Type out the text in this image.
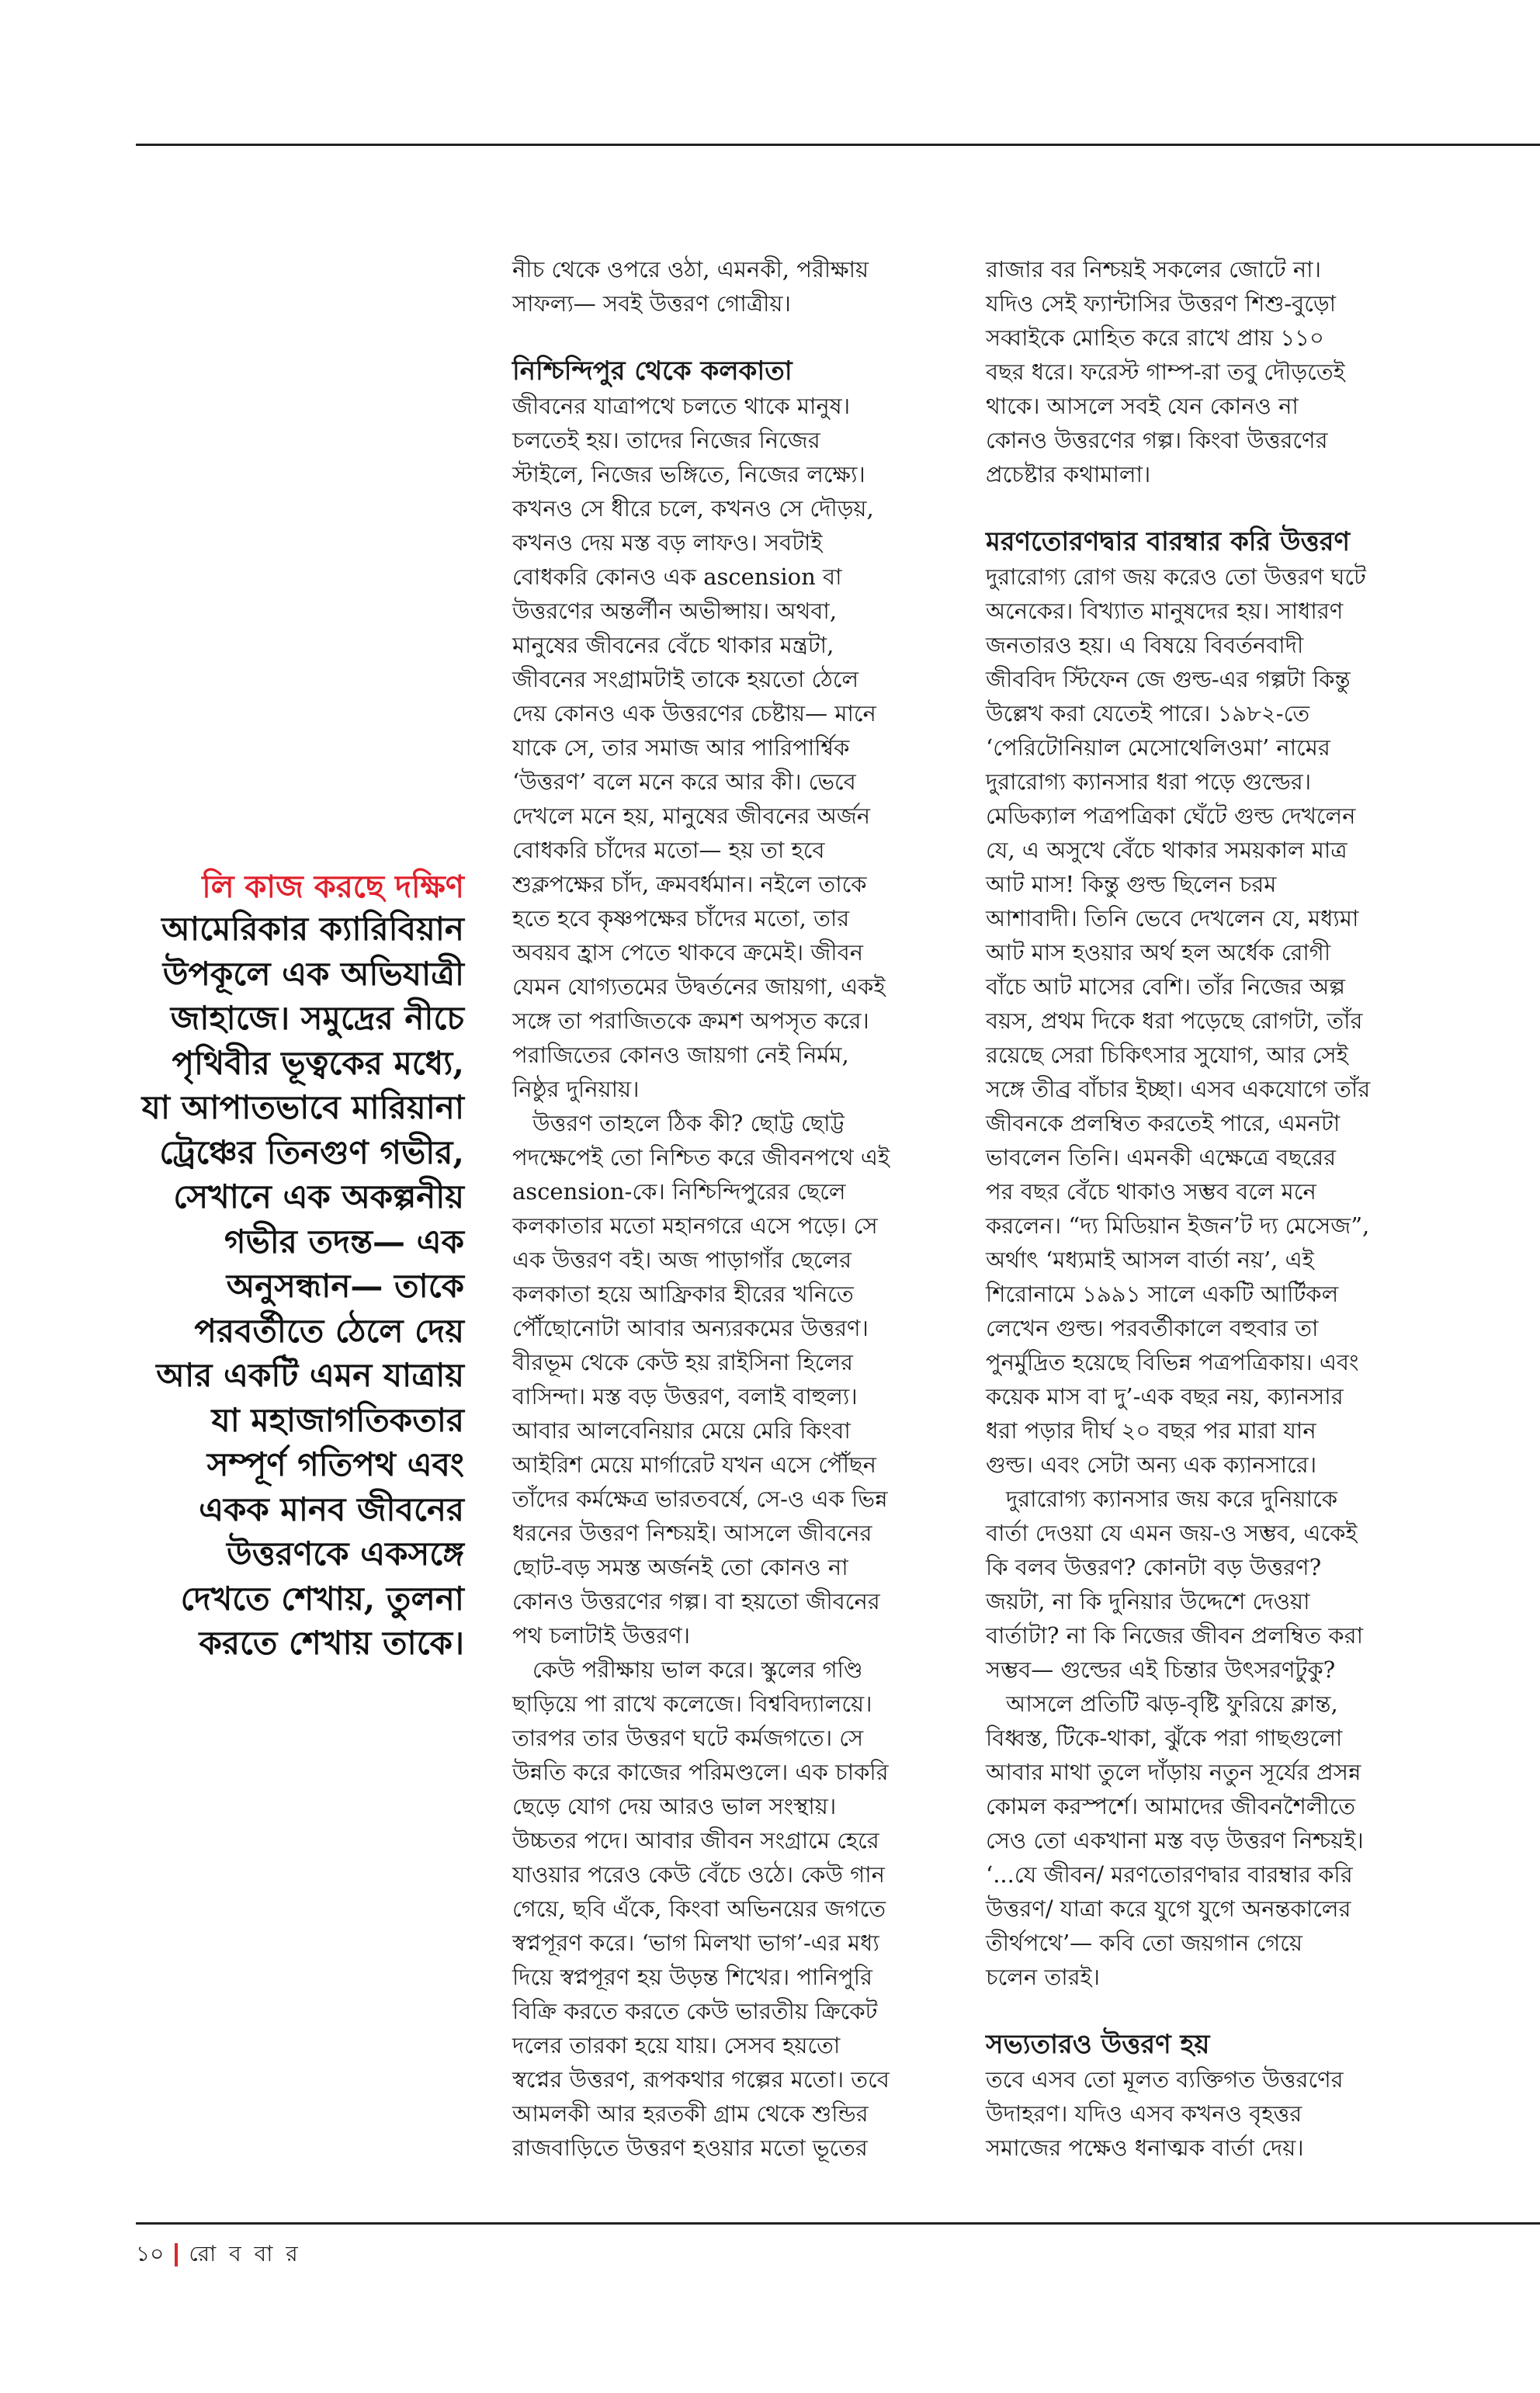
লি কাজ করছে দক্ষিণ
আমেরিকার ক্যারিবিয়ান
উপকূলে এক অভিযাত্রী
জাহাজে। সমুদ্রের নীচে
পৃথিবীর ভূত্বকের মধ্যে,
যা আপাতভাবে মারিয়ানা
ট্রেঞ্চের তিনগুণ গভীর,
সেখানে এক অকল্পনীয়
গভীর তদন্ত— এক
অনুসন্ধান— তাকে
পরবর্তীতে ঠেলে দেয়
আর একটি এমন যাত্রায়
যা মহাজাগতিকতার
সম্পূর্ণ গতিপথ এবং
একক মানব জীবনের
উত্তরণকে একসঙ্গে
দেখতে শেখায়, তুলনা
করতে শেখায় তাকে।
নীচ থেকে ওপরে ওঠা, এমনকী, পরীক্ষায়
সাফল্য— সবই উত্তরণ গোত্রীয়।
নিশ্চিন্দিপুর থেকে কলকাতা
জীবনের যাত্রাপথে চলতে থাকে মানুষ।
চলতেই হয়। তাদের নিজের নিজের
স্টাইলে, নিজের ভঙ্গিতে, নিজের লক্ষ্যে।
কখনও সে ধীরে চলে, কখনও সে দৌড়য়,
কখনও দেয় মস্ত বড় লাফও। সবটাই
বোধকরি কোনও এক ascension বা
উত্তরণের অন্তর্লীন অভীপ্সায়। অথবা,
মানুষের জীবনের বেঁচে থাকার মন্ত্রটা,
জীবনের সংগ্রামটাই তাকে হয়তো ঠেলে
দেয় কোনও এক উত্তরণের চেষ্টায়— মানে
যাকে সে, তার সমাজ আর পারিপার্শ্বিক
‘উত্তরণ’ বলে মনে করে আর কী। ভেবে
দেখলে মনে হয়, মানুষের জীবনের অর্জন
বোধকরি চাঁদের মতো— হয় তা হবে
শুক্লপক্ষের চাঁদ, ক্রমবর্ধমান। নইলে তাকে
হতে হবে কৃষ্ণপক্ষের চাঁদের মতো, তার
অবয়ব হ্রাস পেতে থাকবে ক্রমেই। জীবন
যেমন যোগ্যতমের উদ্বর্তনের জায়গা, একই
সঙ্গে তা পরাজিতকে ক্রমশ অপসৃত করে।
পরাজিতের কোনও জায়গা নেই নির্মম,
নিষ্ঠুর দুনিয়ায়।
উত্তরণ তাহলে ঠিক কী? ছোট্ট ছোট্ট
পদক্ষেপেই তো নিশ্চিত করে জীবনপথে এই
ascension-কে। নিশ্চিন্দিপুরের ছেলে
কলকাতার মতো মহানগরে এসে পড়ে। সে
এক উত্তরণ বই। অজ পাড়াগাঁর ছেলের
কলকাতা হয়ে আফ্রিকার হীরের খনিতে
পৌঁছোনোটা আবার অন্যরকমের উত্তরণ।
বীরভূম থেকে কেউ হয় রাইসিনা হিলের
বাসিন্দা। মস্ত বড় উত্তরণ, বলাই বাহুল্য।
আবার আলবেনিয়ার মেয়ে মেরি কিংবা
আইরিশ মেয়ে মার্গারেট যখন এসে পৌঁছন
তাঁদের কর্মক্ষেত্র ভারতবর্ষে, সে-ও এক ভিন্ন
ধরনের উত্তরণ নিশ্চয়ই। আসলে জীবনের
ছোট-বড় সমস্ত অর্জনই তো কোনও না
কোনও উত্তরণের গল্প। বা হয়তো জীবনের
পথ চলাটাই উত্তরণ।
কেউ পরীক্ষায় ভাল করে। স্কুলের গণ্ডি
ছাড়িয়ে পা রাখে কলেজে। বিশ্ববিদ্যালয়ে।
তারপর তার উত্তরণ ঘটে কর্মজগতে। সে
উন্নতি করে কাজের পরিমণ্ডলে। এক চাকরি
ছেড়ে যোগ দেয় আরও ভাল সংস্থায়।
উচ্চতর পদে। আবার জীবন সংগ্রামে হেরে
যাওয়ার পরেও কেউ বেঁচে ওঠে। কেউ গান
গেয়ে, ছবি এঁকে, কিংবা অভিনয়ের জগতে
স্বপ্নপূরণ করে। ‘ভাগ মিলখা ভাগ’-এর মধ্য
দিয়ে স্বপ্নপূরণ হয় উড়ন্ত শিখের। পানিপুরি
বিক্রি করতে করতে কেউ ভারতীয় ক্রিকেট
দলের তারকা হয়ে যায়। সেসব হয়তো
স্বপ্নের উত্তরণ, রূপকথার গল্পের মতো। তবে
আমলকী আর হরতকী গ্রাম থেকে শুন্ডির
রাজবাড়িতে উত্তরণ হওয়ার মতো ভূতের
রাজার বর নিশ্চয়ই সকলের জোটে না।
যদিও সেই ফ্যান্টাসির উত্তরণ শিশু-বুড়ো
সব্বাইকে মোহিত করে রাখে প্রায় ১১০
বছর ধরে। ফরেস্ট গাম্প-রা তবু দৌড়তেই
থাকে। আসলে সবই যেন কোনও না
কোনও উত্তরণের গল্প। কিংবা উত্তরণের
প্রচেষ্টার কথামালা।
মরণতোরণদ্বার বারম্বার করি উত্তরণ
দুরারোগ্য রোগ জয় করেও তো উত্তরণ ঘটে
অনেকের। বিখ্যাত মানুষদের হয়। সাধারণ
জনতারও হয়। এ বিষয়ে বিবর্তনবাদী
জীববিদ স্টিফেন জে গুল্ড-এর গল্পটা কিন্তু
উল্লেখ করা যেতেই পারে। ১৯৮২-তে
‘পেরিটোনিয়াল মেসোথেলিওমা’ নামের
দুরারোগ্য ক্যানসার ধরা পড়ে গুল্ডের।
মেডিক্যাল পত্রপত্রিকা ঘেঁটে গুল্ড দেখলেন
যে, এ অসুখে বেঁচে থাকার সময়কাল মাত্র
আট মাস! কিন্তু গুল্ড ছিলেন চরম
আশাবাদী। তিনি ভেবে দেখলেন যে, মধ্যমা
আট মাস হওয়ার অর্থ হল অর্ধেক রোগী
বাঁচে আট মাসের বেশি। তাঁর নিজের অল্প
বয়স, প্রথম দিকে ধরা পড়েছে রোগটা, তাঁর
রয়েছে সেরা চিকিৎসার সুযোগ, আর সেই
সঙ্গে তীব্র বাঁচার ইচ্ছা। এসব একযোগে তাঁর
জীবনকে প্রলম্বিত করতেই পারে, এমনটা
ভাবলেন তিনি। এমনকী এক্ষেত্রে বছরের
পর বছর বেঁচে থাকাও সম্ভব বলে মনে
করলেন। “দ্য মিডিয়ান ইজন’ট দ্য মেসেজ”,
অর্থাৎ ‘মধ্যমাই আসল বার্তা নয়’, এই
শিরোনামে ১৯৯১ সালে একটি আর্টিকল
লেখেন গুল্ড। পরবর্তীকালে বহুবার তা
পুনর্মুদ্রিত হয়েছে বিভিন্ন পত্রপত্রিকায়। এবং
কয়েক মাস বা দু’-এক বছর নয়, ক্যানসার
ধরা পড়ার দীর্ঘ ২০ বছর পর মারা যান
গুল্ড। এবং সেটা অন্য এক ক্যানসারে।
দুরারোগ্য ক্যানসার জয় করে দুনিয়াকে
বার্তা দেওয়া যে এমন জয়-ও সম্ভব, একেই
কি বলব উত্তরণ? কোনটা বড় উত্তরণ?
জয়টা, না কি দুনিয়ার উদ্দেশে দেওয়া
বার্তাটা? না কি নিজের জীবন প্রলম্বিত করা
সম্ভব— গুল্ডের এই চিন্তার উৎসরণটুকু?
আসলে প্রতিটি ঝড়-বৃষ্টি ফুরিয়ে ক্লান্ত,
বিধ্বস্ত, টিকে-থাকা, ঝুঁকে পরা গাছগুলো
আবার মাথা তুলে দাঁড়ায় নতুন সূর্যের প্রসন্ন
কোমল করস্পর্শে। আমাদের জীবনশৈলীতে
সেও তো একখানা মস্ত বড় উত্তরণ নিশ্চয়ই।
‘...যে জীবন/ মরণতোরণদ্বার বারম্বার করি
উত্তরণ/ যাত্রা করে যুগে যুগে অনন্তকালের
তীর্থপথে’— কবি তো জয়গান গেয়ে
চলেন তারই।
সভ্যতারও উত্তরণ হয়
তবে এসব তো মূলত ব্যক্তিগত উত্তরণের
উদাহরণ। যদিও এসব কখনও বৃহত্তর
সমাজের পক্ষেও ধনাত্মক বার্তা দেয়।
১০ রো ব বা র
